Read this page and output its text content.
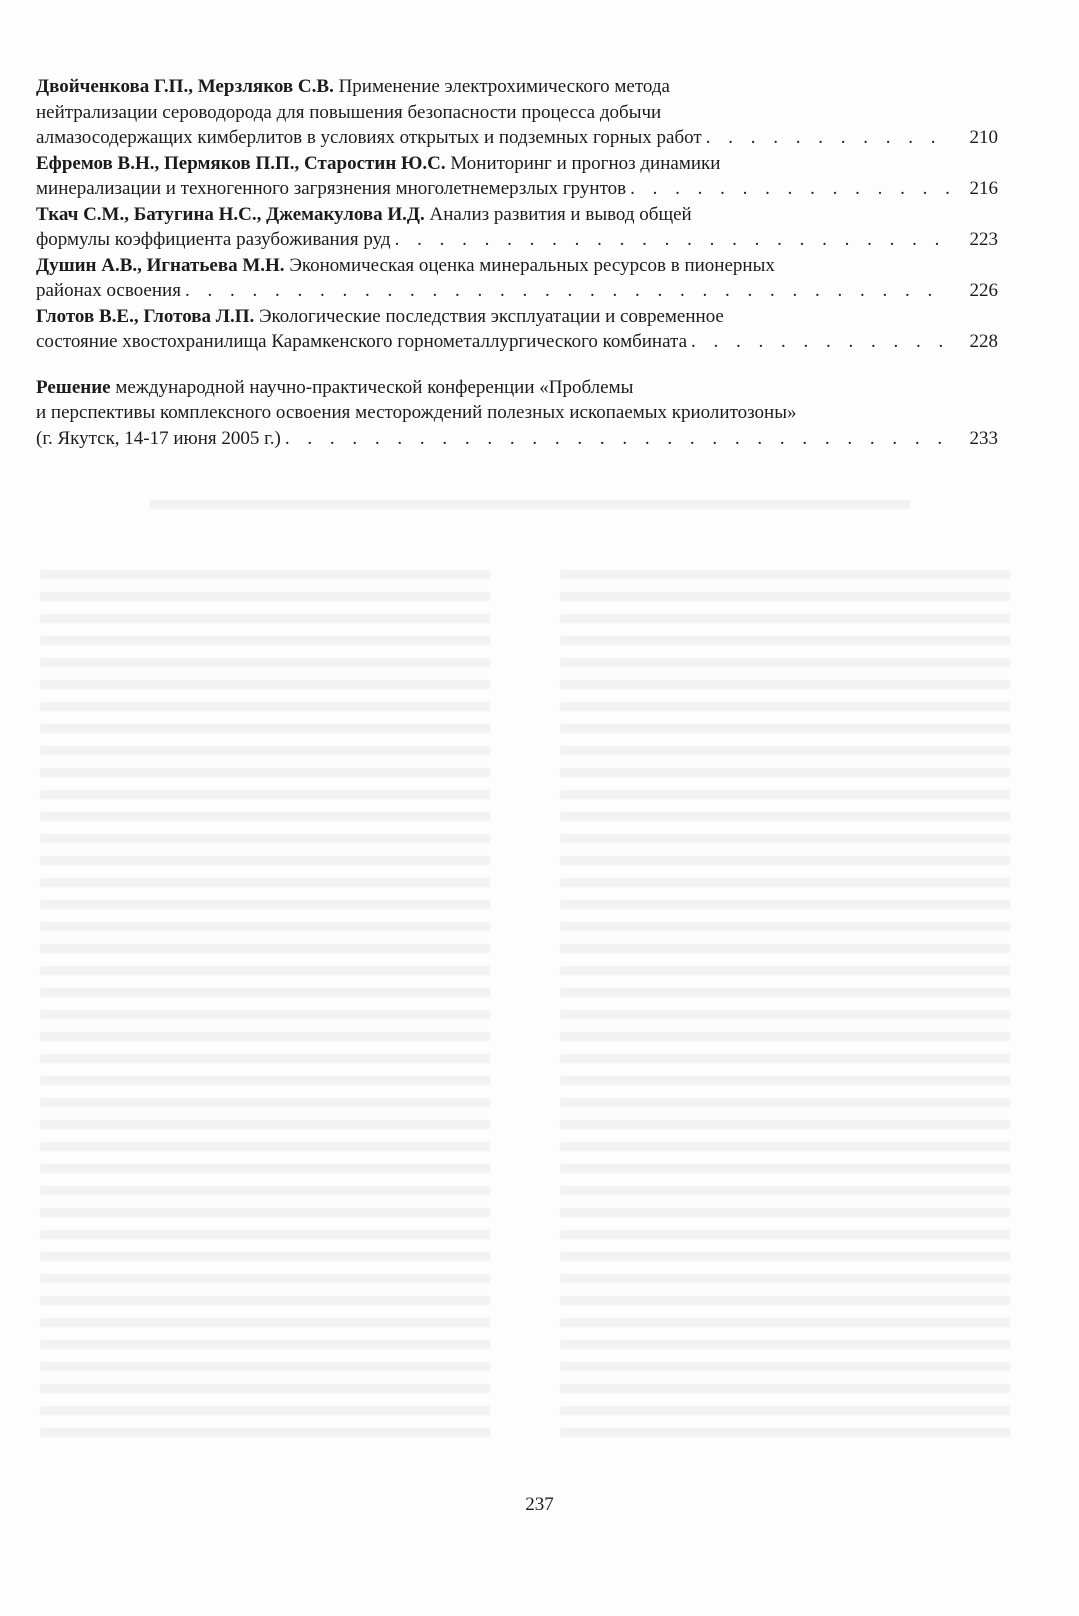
Двойченкова Г.П., Мерзляков С.В. Применение электрохимического метода
нейтрализации сероводорода для повышения безопасности процесса добычи
алмазосодержащих кимберлитов в условиях открытых и подземных горных работ . . .	210
Ефремов В.Н., Пермяков П.П., Старостин Ю.С. Мониторинг и прогноз динамики
минерализации и техногенного загрязнения многолетнемерзлых грунтов . . .	216
Ткач С.М., Батугина Н.С., Джемакулова И.Д. Анализ развития и вывод общей
формулы коэффициента разубоживания руд . . .	223
Душин А.В., Игнатьева М.Н. Экономическая оценка минеральных ресурсов в пионерных
районах освоения . . .	226
Глотов В.Е., Глотова Л.П. Экологические последствия эксплуатации и современное
состояние хвостохранилища Карамкенского горнометаллургического комбината . . .	228
Решение международной научно-практической конференции «Проблемы
и перспективы комплексного освоения месторождений полезных ископаемых криолитозоны»
(г. Якутск, 14-17 июня 2005 г.) . . .	233
237
